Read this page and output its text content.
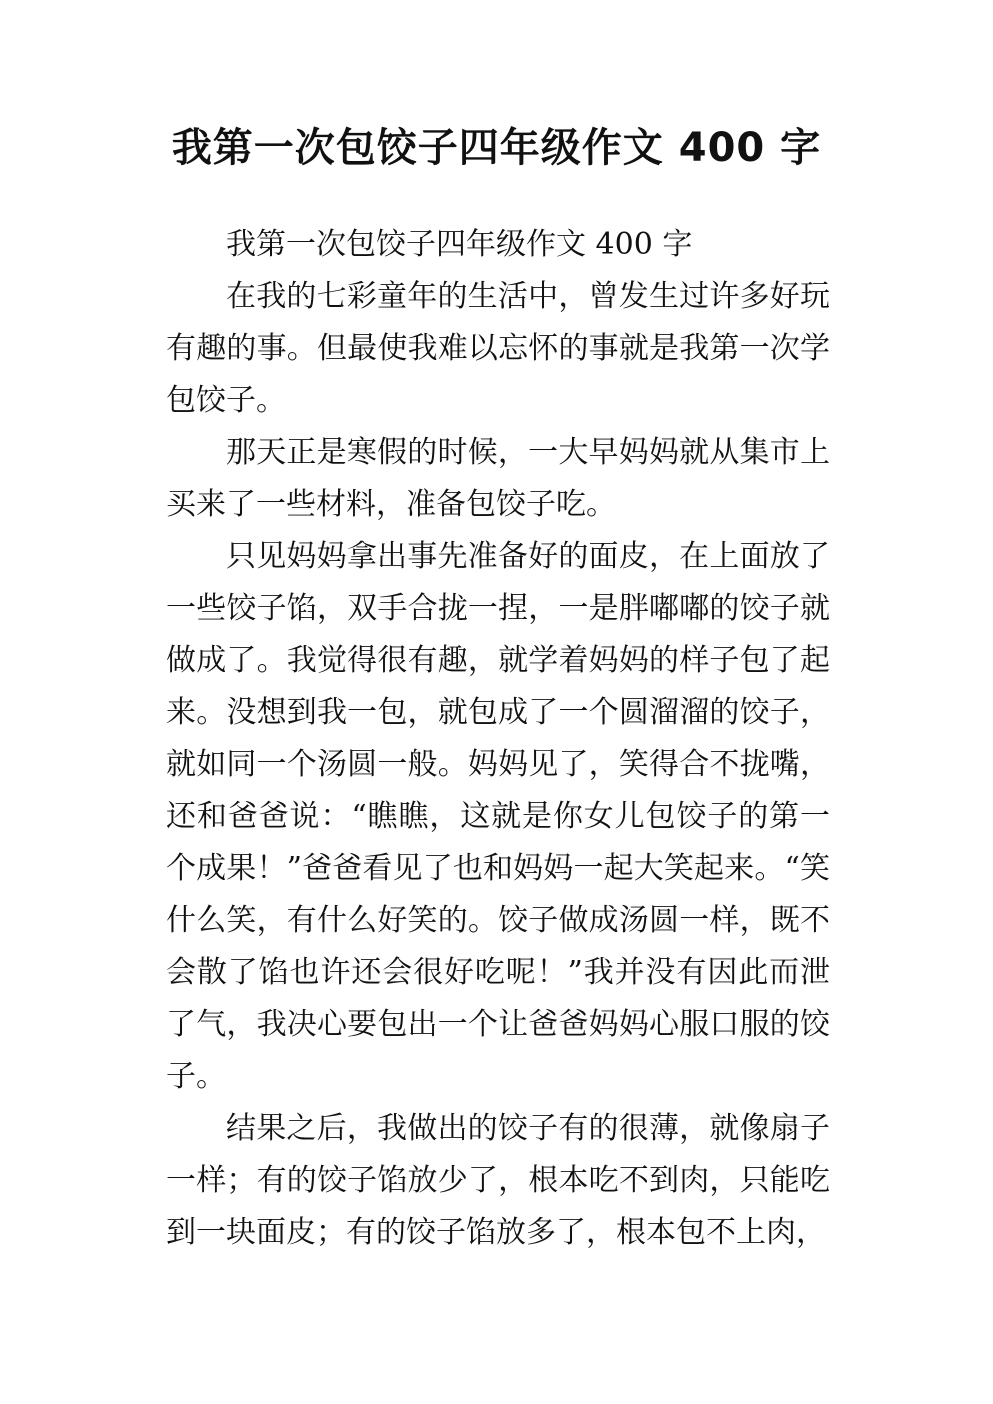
我第一次包饺子四年级作文 400 字

我第一次包饺子四年级作文 400 字

在我的七彩童年的生活中，曾发生过许多好玩有趣的事。但最使我难以忘怀的事就是我第一次学包饺子。

那天正是寒假的时候，一大早妈妈就从集市上买来了一些材料，准备包饺子吃。

只见妈妈拿出事先准备好的面皮，在上面放了一些饺子馅，双手合拢一捏，一是胖嘟嘟的饺子就做成了。我觉得很有趣，就学着妈妈的样子包了起来。没想到我一包，就包成了一个圆溜溜的饺子，就如同一个汤圆一般。妈妈见了，笑得合不拢嘴，还和爸爸说：“瞧瞧，这就是你女儿包饺子的第一个成果！”爸爸看见了也和妈妈一起大笑起来。“笑什么笑，有什么好笑的。饺子做成汤圆一样，既不会散了馅也许还会很好吃呢！”我并没有因此而泄了气，我决心要包出一个让爸爸妈妈心服口服的饺子。

结果之后，我做出的饺子有的很薄，就像扇子一样；有的饺子馅放少了，根本吃不到肉，只能吃到一块面皮；有的饺子馅放多了，根本包不上肉，
